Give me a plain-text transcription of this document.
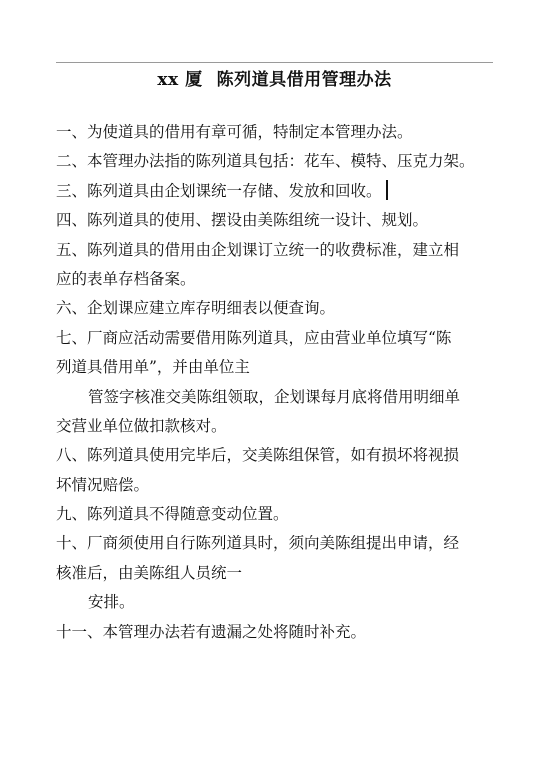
xx 厦 陈列道具借用管理办法
一、为使道具的借用有章可循，特制定本管理办法。
二、本管理办法指的陈列道具包括：花车、模特、压克力架。
三、陈列道具由企划课统一存储、发放和回收。
四、陈列道具的使用、摆设由美陈组统一设计、规划。
五、陈列道具的借用由企划课订立统一的收费标准，建立相
应的表单存档备案。
六、企划课应建立库存明细表以便查询。
七、厂商应活动需要借用陈列道具，应由营业单位填写“陈
列道具借用单”，并由单位主
管签字核准交美陈组领取，企划课每月底将借用明细单
交营业单位做扣款核对。
八、陈列道具使用完毕后，交美陈组保管，如有损坏将视损
坏情况赔偿。
九、陈列道具不得随意变动位置。
十、厂商须使用自行陈列道具时，须向美陈组提出申请，经
核准后，由美陈组人员统一
安排。
十一、本管理办法若有遗漏之处将随时补充。
